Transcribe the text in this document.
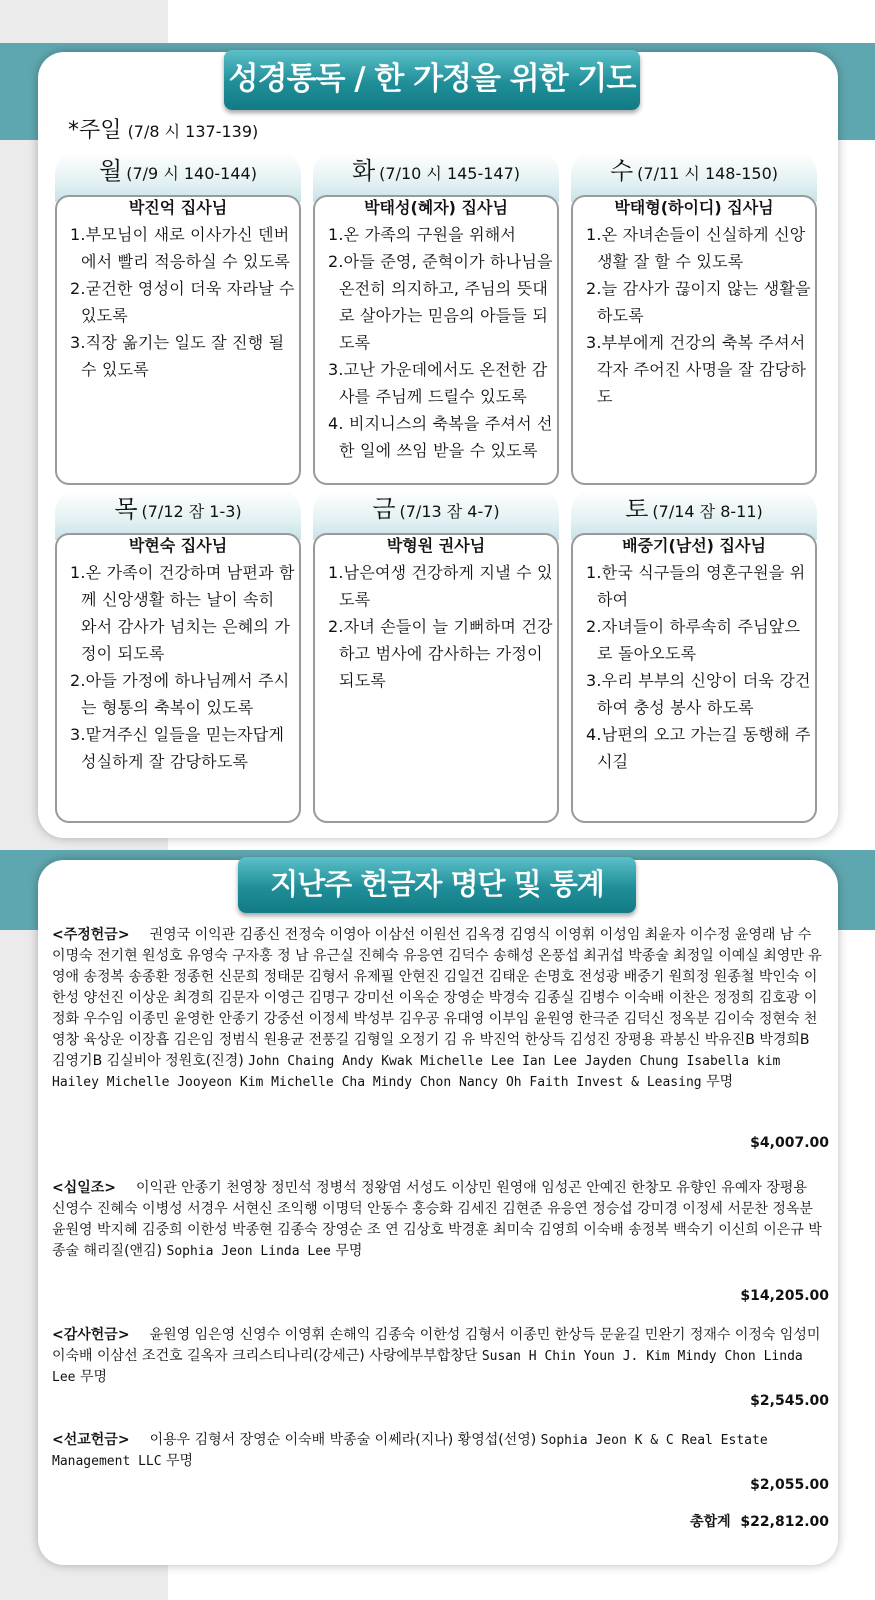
성경통독 / 한 가정을 위한 기도
*주일 (7/8 시 137-139)
월 (7/9 시 140-144)
박진억 집사님
1.부모님이 새로 이사가신 덴버에서 빨리 적응하실 수 있도록
2.굳건한 영성이 더욱 자라날 수 있도록
3.직장 옮기는 일도 잘 진행 될 수 있도록
화 (7/10 시 145-147)
박태성(혜자) 집사님
1.온 가족의 구원을 위해서
2.아들 준영, 준혁이가 하나님을 온전히 의지하고, 주님의 뜻대로 살아가는 믿음의 아들들 되도록
3.고난 가운데에서도 온전한 감사를 주님께 드릴수 있도록
4. 비지니스의 축복을 주셔서 선한 일에 쓰임 받을 수 있도록
수 (7/11 시 148-150)
박태형(하이디) 집사님
1.온 자녀손들이 신실하게 신앙생활 잘 할 수 있도록
2.늘 감사가 끊이지 않는 생활을 하도록
3.부부에게 건강의 축복 주셔서 각자 주어진 사명을 잘 감당하도
목 (7/12 잠 1-3)
박현숙 집사님
1.온 가족이 건강하며 남편과 함께 신앙생활 하는 날이 속히 와서 감사가 넘치는 은혜의 가정이 되도록
2.아들 가정에 하나님께서 주시는 형통의 축복이 있도록
3.맡겨주신 일들을 믿는자답게 성실하게 잘 감당하도록
금 (7/13 잠 4-7)
박형원 권사님
1.남은여생 건강하게 지낼 수 있도록
2.자녀 손들이 늘 기뻐하며 건강하고 범사에 감사하는 가정이 되도록
토 (7/14 잠 8-11)
배중기(남선) 집사님
1.한국 식구들의 영혼구원을 위하여
2.자녀들이 하루속히 주님앞으로 돌아오도록
3.우리 부부의 신앙이 더욱 강건하여 충성 봉사 하도록
4.남편의 오고 가는길 동행해 주시길
지난주 헌금자 명단 및 통계
<주정헌금> 권영국 이익관 김종신 전정숙 이영아 이삼선 이원선 김옥경 김영식 이영휘 이성임 최윤자 이수정 윤영래 남 수 이명숙 전기현 원성호 유영숙 구자홍 정 남 유근실 진혜숙 유응연 김덕수 송해성 온풍섭 최귀섭 박종술 최정일 이예실 최영만 유영애 송정복 송종환 정종헌 신문희 정태문 김형서 유제필 안현진 김일건 김태운 손명호 전성광 배중기 원희정 원종철 박인숙 이한성 양선진 이상운 최경희 김문자 이영근 김명구 강미선 이옥순 장영순 박경숙 김종실 김병수 이숙배 이찬은 정정희 김호광 이정화 우수임 이종민 윤영한 안종기 강중선 이정세 박성부 김우공 유대영 이부임 윤원영 한극준 김덕신 정옥분 김이숙 정현숙 천영창 육상운 이장흡 김은임 정범식 원용균 전풍길 김형일 오정기 김 유 박진억 한상득 김성진 장평용 곽봉신 박유진B 박경희B 김영기B 김실비아 정원호(진경) John Chaing Andy Kwak Michelle Lee Ian Lee Jayden Chung Isabella kim Hailey Michelle Jooyeon Kim Michelle Cha Mindy Chon Nancy Oh Faith Invest & Leasing 무명
$4,007.00
<십일조> 이익관 안종기 천영창 정민석 정병석 정왕염 서성도 이상민 원영애 임성곤 안예진 한창모 유향인 유예자 장평용 신영수 진혜숙 이병성 서경우 서현신 조익행 이명덕 안동수 홍승화 김세진 김현준 유응연 정승섭 강미경 이정세 서문찬 정옥분 윤원영 박지혜 김중희 이한성 박종현 김종숙 장영순 조 연 김상호 박경훈 최미숙 김영희 이숙배 송정복 백숙기 이신희 이은규 박종술 해리질(앤김) Sophia Jeon Linda Lee 무명
$14,205.00
<감사헌금> 윤원영 임은영 신영수 이영휘 손해익 김종숙 이한성 김형서 이종민 한상득 문윤길 민완기 정재수 이정숙 임성미 이숙배 이삼선 조건호 길옥자 크리스티나리(강세근) 사랑에부부합창단 Susan H Chin Youn J. Kim Mindy Chon Linda Lee 무명
$2,545.00
<선교헌금> 이용우 김형서 장영순 이숙배 박종술 이쎄라(지나) 황영섭(선영) Sophia Jeon K & C Real Estate Management LLC 무명
$2,055.00
총합계 $22,812.00
